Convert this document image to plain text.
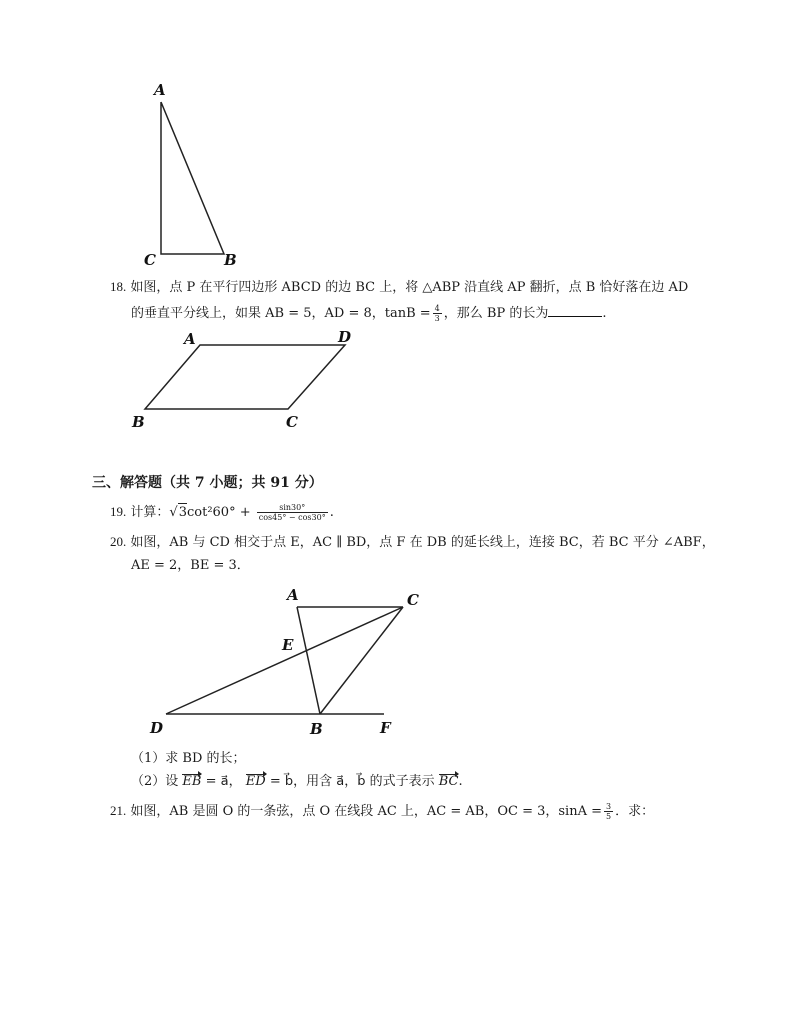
A
C	B
A	D
B	C
A	C
E
D	B	F
18. 如图，点 P 在平行四边形 ABCD 的边 BC 上，将 △ABP 沿直线 AP 翻折，点 B 恰好落在边 AD
的垂直平分线上，如果 AB = 5，AD = 8，$\tan B = \frac{4}{3}$ ，那么 BP 的长为	.
三、解答题（共 7 小题；共 91 分）
19. 计算：$√3\cot^260^\circ + \frac{\sin 30^\circ}{\cos 45^\circ - \cos 30^\circ}$ .
20. 如图，AB 与 CD 相交于点 E，AC ∥ BD，点 F 在 DB 的延长线上，连接 BC，若 BC 平分 ∠ABF，
AE = 2，BE = 3．
（1）求 BD 的长；
（2）设 EB = a⃗， ED = b⃗，用含 a⃗，b⃗ 的式子表示 BC.
21. 如图，AB 是圆 O 的一条弦，点 O 在线段 AC 上，AC = AB，OC = 3，$\sin A = \frac{3}{5}$ ．求：
